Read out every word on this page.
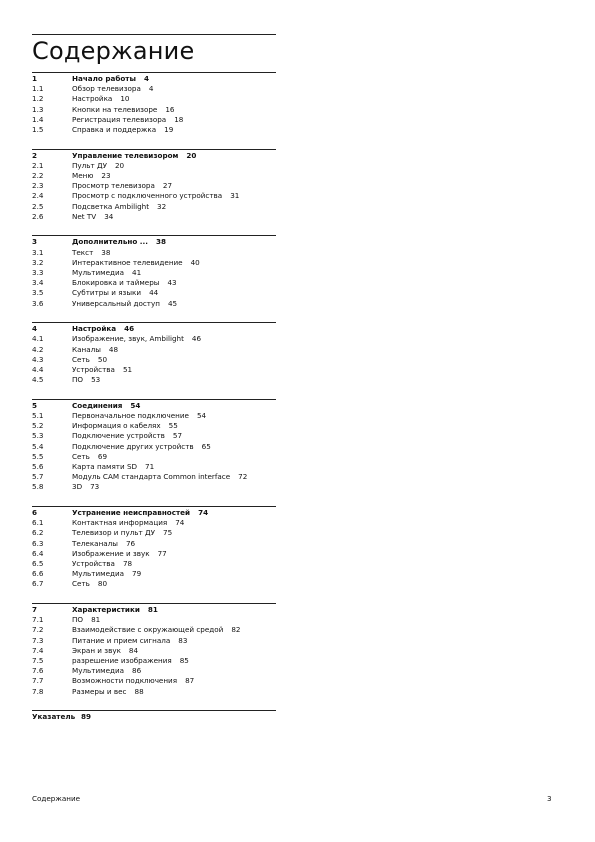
Содержание
1	Начало работы 4
1.1	Обзор телевизора 4
1.2	Настройка 10
1.3	Кнопки на телевизоре 16
1.4	Регистрация телевизора 18
1.5	Справка и поддержка 19
2	Управление телевизором 20
2.1	Пульт ДУ 20
2.2	Меню 23
2.3	Просмотр телевизора 27
2.4	Просмотр с подключенного устройства 31
2.5	Подсветка Ambilight 32
2.6	Net TV 34
3	Дополнительно ... 38
3.1	Текст 38
3.2	Интерактивное телевидение 40
3.3	Мультимедиа 41
3.4	Блокировка и таймеры 43
3.5	Субтитры и языки 44
3.6	Универсальный доступ 45
4	Настройка 46
4.1	Изображение, звук, Ambilight 46
4.2	Каналы 48
4.3	Сеть 50
4.4	Устройства 51
4.5	ПО 53
5	Соединения 54
5.1	Первоначальное подключение 54
5.2	Информация о кабелях 55
5.3	Подключение устройств 57
5.4	Подключение других устройств 65
5.5	Сеть 69
5.6	Карта памяти SD 71
5.7	Модуль CAM стандарта Common interface 72
5.8	3D 73
6	Устранение неисправностей 74
6.1	Контактная информация 74
6.2	Телевизор и пульт ДУ 75
6.3	Телеканалы 76
6.4	Изображение и звук 77
6.5	Устройства 78
6.6	Мультимедиа 79
6.7	Сеть 80
7	Характеристики 81
7.1	ПО 81
7.2	Взаимодействие с окружающей средой 82
7.3	Питание и прием сигнала 83
7.4	Экран и звук 84
7.5	разрешение изображения 85
7.6	Мультимедиа 86
7.7	Возможности подключения 87
7.8	Размеры и вес 88
Указатель 89
Содержание	3
